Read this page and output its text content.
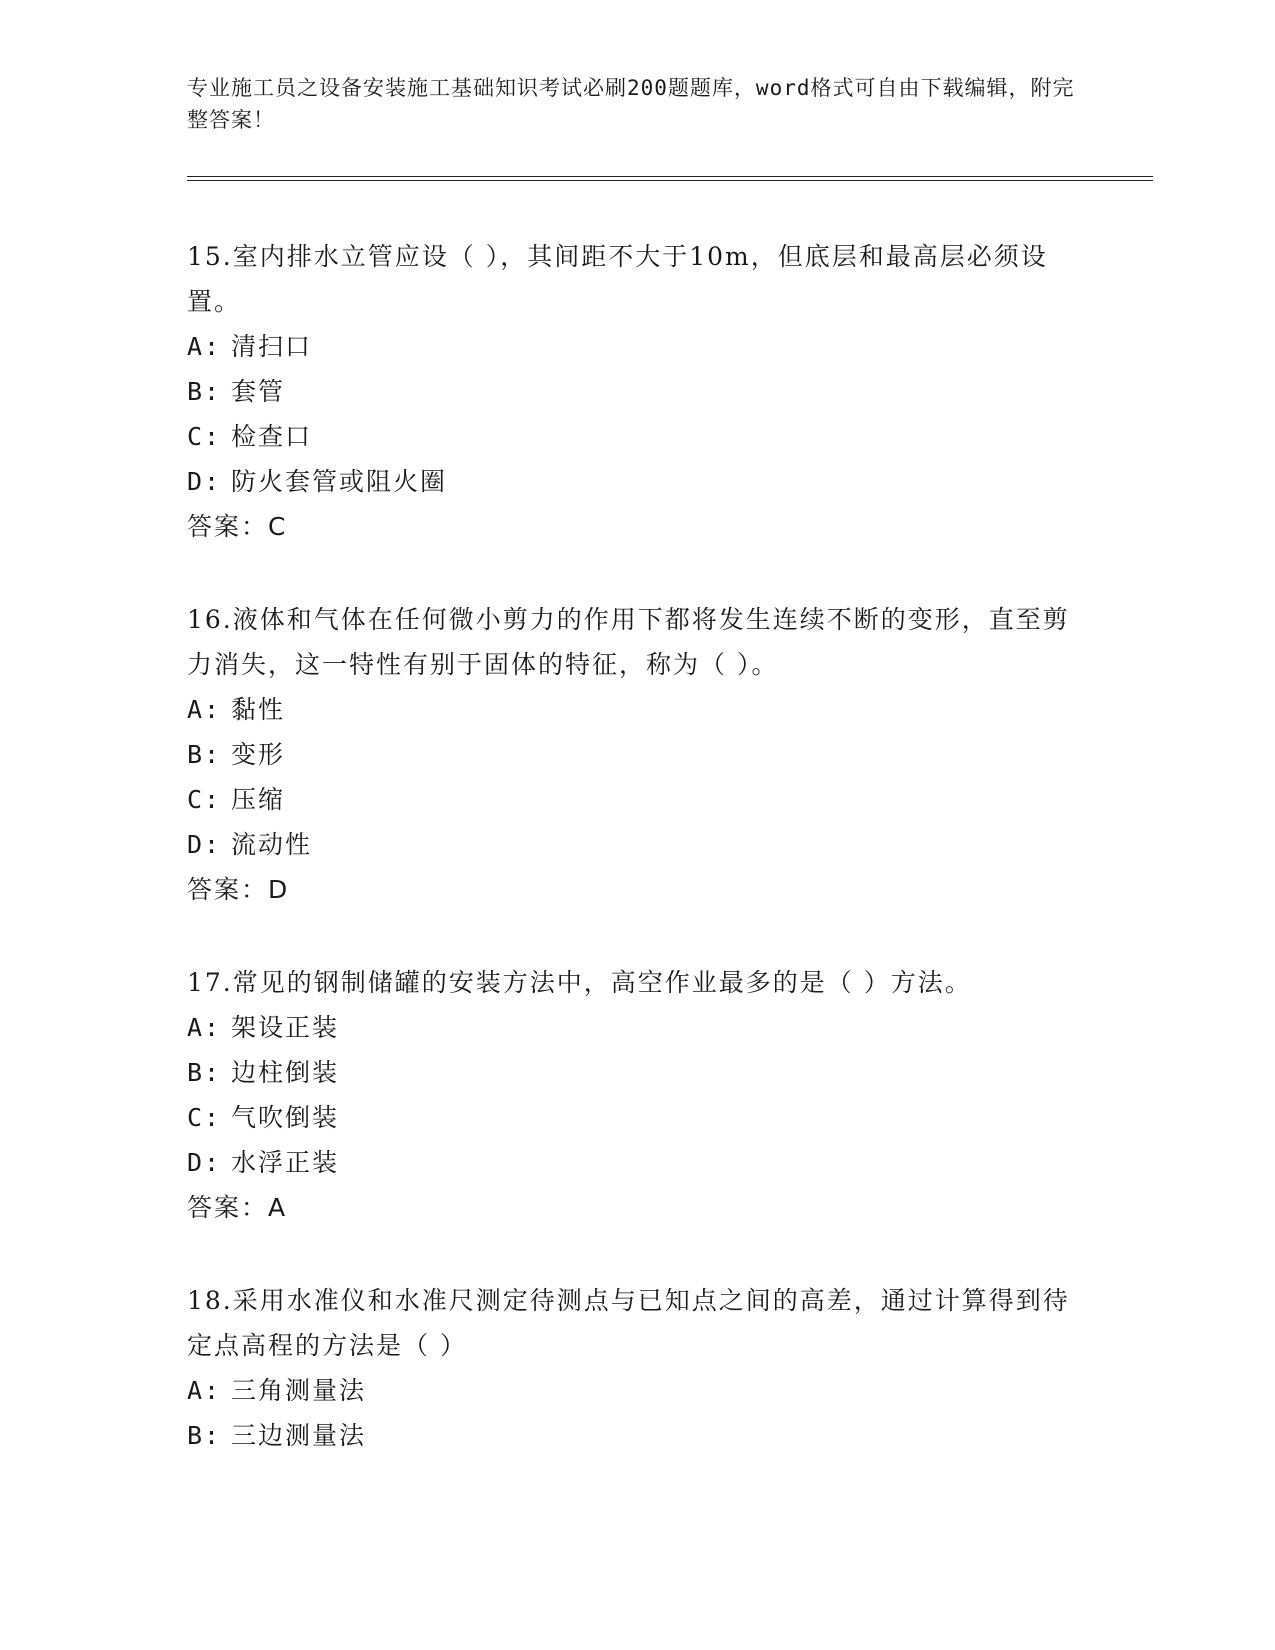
专业施工员之设备安装施工基础知识考试必刷200题题库，word格式可自由下载编辑，附完整答案！
15.室内排水立管应设（ ），其间距不大于10m，但底层和最高层必须设置。
A: 清扫口
B: 套管
C: 检查口
D: 防火套管或阻火圈
答案：C
16.液体和气体在任何微小剪力的作用下都将发生连续不断的变形，直至剪力消失，这一特性有别于固体的特征，称为（ ）。
A: 黏性
B: 变形
C: 压缩
D: 流动性
答案：D
17.常见的钢制储罐的安装方法中，高空作业最多的是（ ）方法。
A: 架设正装
B: 边柱倒装
C: 气吹倒装
D: 水浮正装
答案：A
18.采用水准仪和水准尺测定待测点与已知点之间的高差，通过计算得到待定点高程的方法是（ ）
A: 三角测量法
B: 三边测量法
